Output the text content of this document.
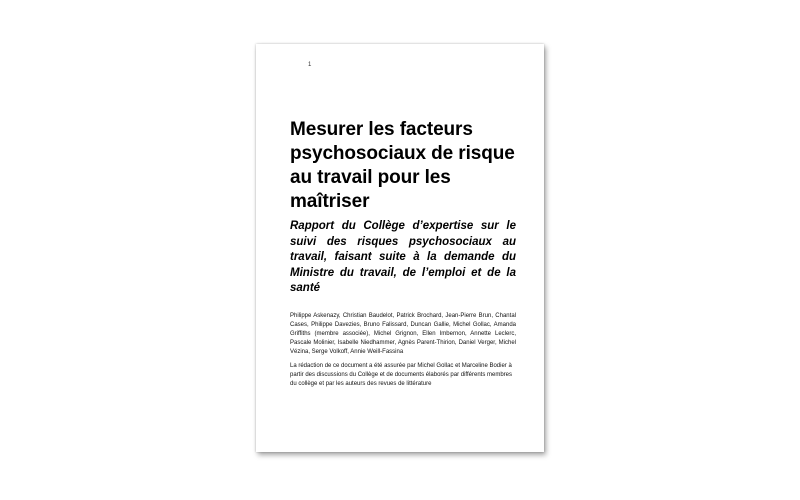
1
Mesurer les facteurs psychosociaux de risque au travail pour les maîtriser

Rapport du Collège d’expertise sur le suivi des risques psychosociaux au travail, faisant suite à la demande du Ministre du travail, de l’emploi et de la santé

Philippe Askenazy, Christian Baudelot, Patrick Brochard, Jean-Pierre Brun, Chantal Cases, Philippe Davezies, Bruno Falissard, Duncan Gallie, Michel Gollac, Amanda Griffiths (membre associée), Michel Grignon, Ellen Imbernon, Annette Leclerc, Pascale Molinier, Isabelle Niedhammer, Agnès Parent-Thirion, Daniel Verger, Michel Vézina, Serge Volkoff, Annie Weill-Fassina

La rédaction de ce document a été assurée par Michel Gollac et Marceline Bodier à partir des discussions du Collège et de documents élaborés par différents membres du collège et par les auteurs des revues de littérature
